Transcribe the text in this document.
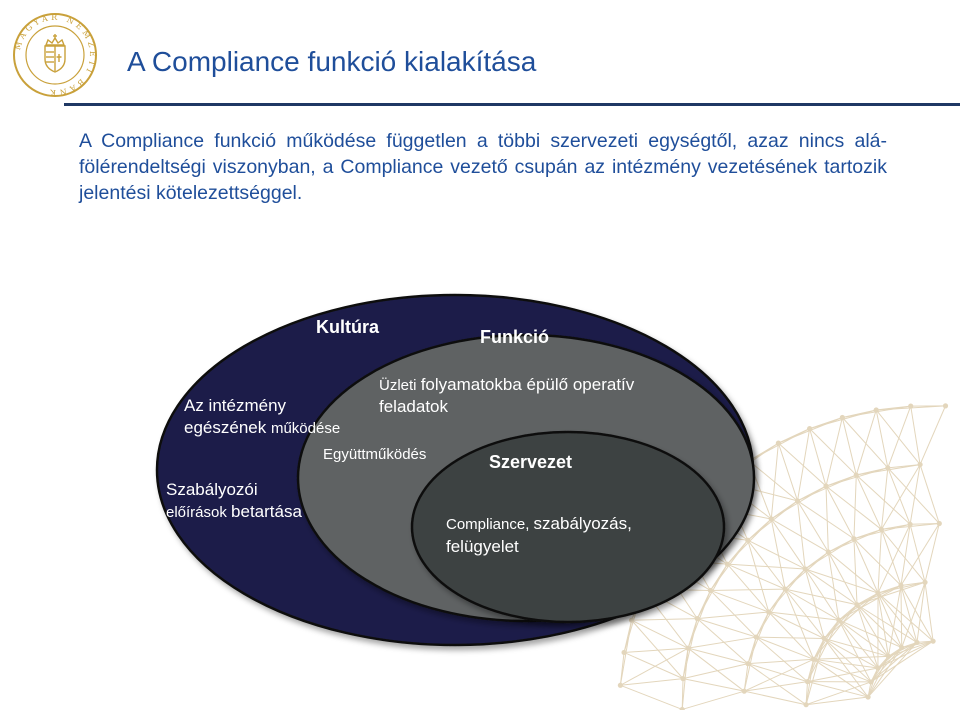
MAGYAR NEMZETI BANK
A Compliance funkció kialakítása
A Compliance funkció működése független a többi szervezeti egységtől, azaz nincs alá-fölérendeltségi viszonyban, a Compliance vezető csupán az intézmény vezetésének tartozik jelentési kötelezettséggel.
Kultúra	Funkció
Az intézmény
egészének működése
Szabályozói
előírások betartása
Üzleti folyamatokba épülő operatív
feladatok
Együttműködés	Szervezet
Compliance, szabályozás,
felügyelet
